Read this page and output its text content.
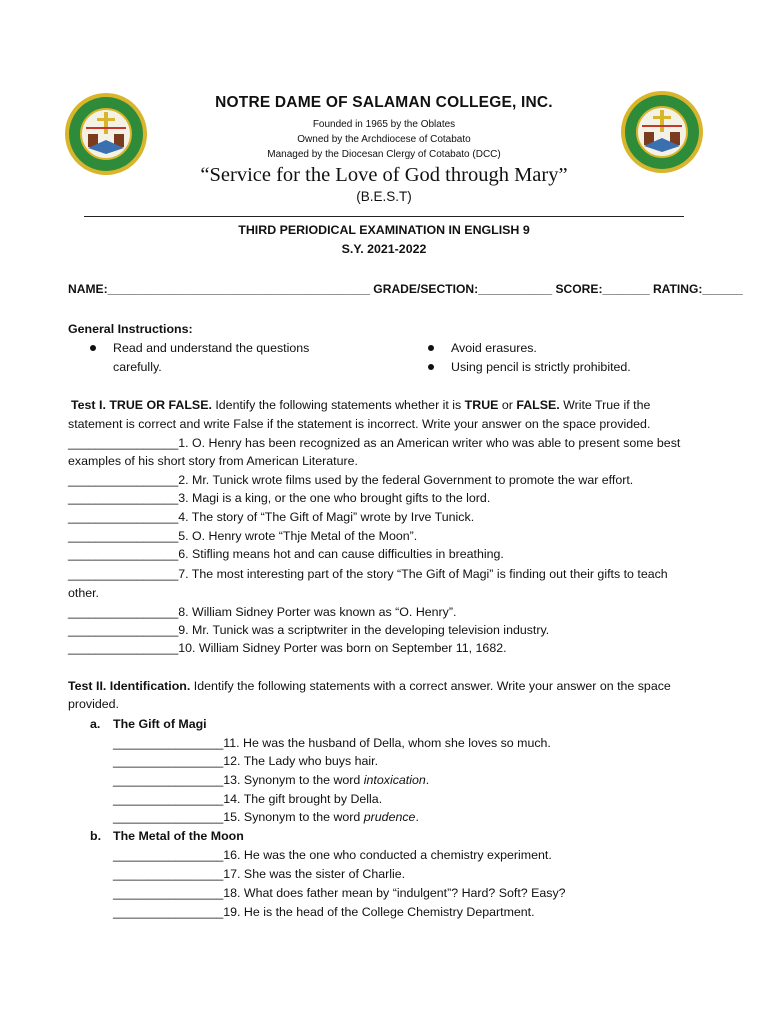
NOTRE DAME OF SALAMAN COLLEGE, INC.
Founded in 1965 by the Oblates
Owned by the Archdiocese of Cotabato
Managed by the Diocesan Clergy of Cotabato (DCC)
“Service for the Love of God through Mary”
(B.E.S.T)
THIRD PERIODICAL EXAMINATION IN ENGLISH 9
S.Y. 2021-2022
NAME:_______________________________________ GRADE/SECTION:___________ SCORE:_______ RATING:______
General Instructions:
Read and understand the questions
carefully.
Avoid erasures.
Using pencil is strictly prohibited.
Test I. TRUE OR FALSE. Identify the following statements whether it is TRUE or FALSE. Write True if the
statement is correct and write False if the statement is incorrect. Write your answer on the space provided.
________________1. O. Henry has been recognized as an American writer who was able to present some best
examples of his short story from American Literature.
________________2. Mr. Tunick wrote films used by the federal Government to promote the war effort.
________________3. Magi is a king, or the one who brought gifts to the lord.
________________4. The story of “The Gift of Magi” wrote by Irve Tunick.
________________5. O. Henry wrote “Thje Metal of the Moon”.
________________6. Stifling means hot and can cause difficulties in breathing.
________________7. The most interesting part of the story “The Gift of Magi” is finding out their gifts to teach
other.
________________8. William Sidney Porter was known as “O. Henry”.
________________9. Mr. Tunick was a scriptwriter in the developing television industry.
________________10. William Sidney Porter was born on September 11, 1682.
Test II. Identification. Identify the following statements with a correct answer. Write your answer on the space
provided.
a. The Gift of Magi
________________11. He was the husband of Della, whom she loves so much.
________________12. The Lady who buys hair.
________________13. Synonym to the word intoxication.
________________14. The gift brought by Della.
________________15. Synonym to the word prudence.
b. The Metal of the Moon
________________16. He was the one who conducted a chemistry experiment.
________________17. She was the sister of Charlie.
________________18. What does father mean by “indulgent”? Hard? Soft? Easy?
________________19. He is the head of the College Chemistry Department.
